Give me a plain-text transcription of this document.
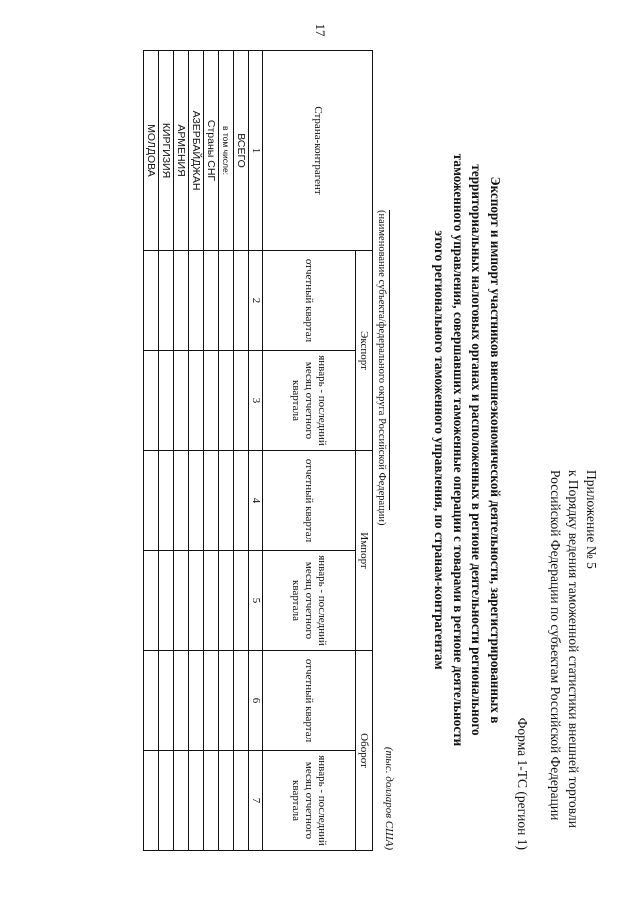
17
Приложение № 5
к Порядку ведения таможенной статистики внешней торговли
Российской Федерации по субъектам Российской Федерации
Форма 1-ТС (регион 1)
Экспорт и импорт участников внешнеэкономической деятельности, зарегистрированных в
территориальных налоговых органах и расположенных в регионе деятельности регионального
таможенного управления, совершавших таможенные операции с товарами в регионе деятельности
этого регионального таможенного управления, по странам-контрагентам
(наименование субъекта/федерального округа Российской Федерации)
(тыс. долларов США)
Страна-контрагент	Экспорт		Импорт		Оборот	
	отчетный квартал	январь - последний месяц отчетного квартала	отчетный квартал	январь - последний месяц отчетного квартала	отчетный квартал	январь - последний месяц отчетного квартала
1	2	3	4	5	6	7
ВСЕГО						
в том числе:						
Страны СНГ						
АЗЕРБАЙДЖАН						
АРМЕНИЯ						
КИРГИЗИЯ						
МОЛДОВА						
